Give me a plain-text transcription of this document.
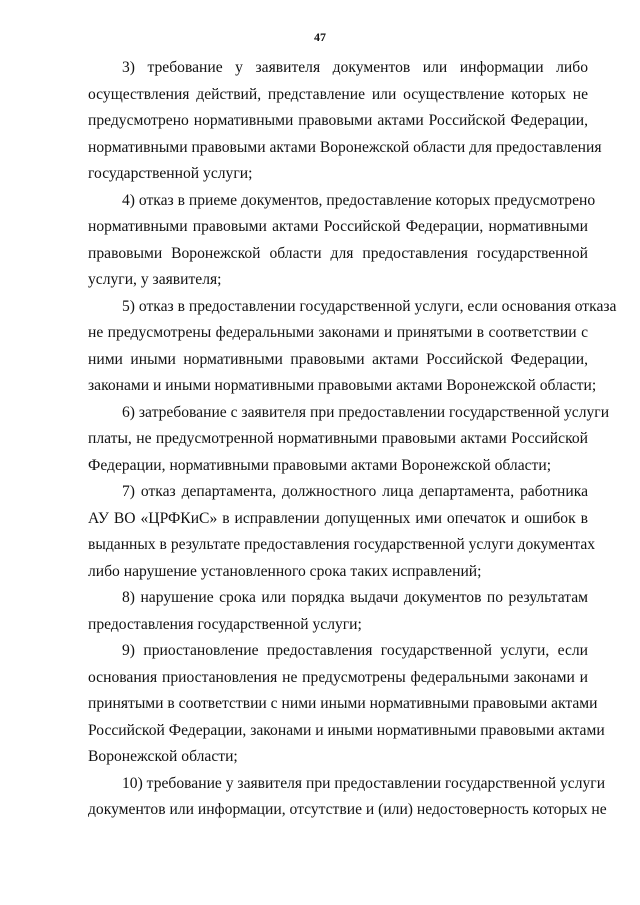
47

3) требование у заявителя документов или информации либо
осуществления действий, представление или осуществление которых не
предусмотрено нормативными правовыми актами Российской Федерации,
нормативными правовыми актами Воронежской области для предоставления
государственной услуги;

4) отказ в приеме документов, предоставление которых предусмотрено
нормативными правовыми актами Российской Федерации, нормативными
правовыми Воронежской области для предоставления государственной
услуги, у заявителя;

5) отказ в предоставлении государственной услуги, если основания отказа
не предусмотрены федеральными законами и принятыми в соответствии с
ними иными нормативными правовыми актами Российской Федерации,
законами и иными нормативными правовыми актами Воронежской области;

6) затребование с заявителя при предоставлении государственной услуги
платы, не предусмотренной нормативными правовыми актами Российской
Федерации, нормативными правовыми актами Воронежской области;

7) отказ департамента, должностного лица департамента, работника
АУ ВО «ЦРФКиС» в исправлении допущенных ими опечаток и ошибок в
выданных в результате предоставления государственной услуги документах
либо нарушение установленного срока таких исправлений;

8) нарушение срока или порядка выдачи документов по результатам
предоставления государственной услуги;

9) приостановление предоставления государственной услуги, если
основания приостановления не предусмотрены федеральными законами и
принятыми в соответствии с ними иными нормативными правовыми актами
Российской Федерации, законами и иными нормативными правовыми актами
Воронежской области;

10) требование у заявителя при предоставлении государственной услуги
документов или информации, отсутствие и (или) недостоверность которых не
